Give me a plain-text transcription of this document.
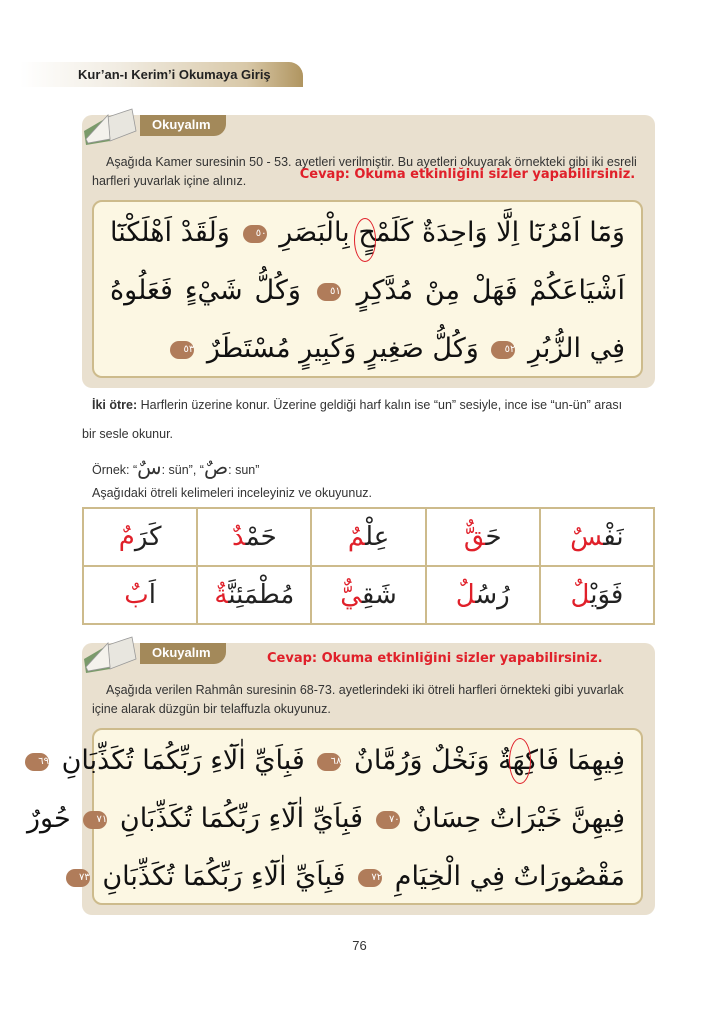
Kur’an-ı Kerim’i Okumaya Giriş
Okuyalım
Aşağıda Kamer suresinin 50 - 53. ayetleri verilmiştir. Bu ayetleri okuyarak örnekteki gibi iki esreli
harfleri yuvarlak içine alınız.	Cevap: Okuma etkinliğini sizler yapabilirsiniz.
وَمَٓا اَمْرُنَٓا اِلَّا وَاحِدَةٌ كَلَمْحٍ بِالْبَصَرِ ٥٠ وَلَقَدْ اَهْلَكْنَٓا
اَشْيَاعَكُمْ فَهَلْ مِنْ مُدَّكِرٍ ٥١ وَكُلُّ شَيْءٍ فَعَلُوهُ
فِي الزُّبُرِ ٥٢ وَكُلُّ صَغِيرٍ وَكَبِيرٍ مُسْتَطَرٌ ٥٣
İki ötre: Harflerin üzerine konur. Üzerine geldiği harf kalın ise “un” sesiyle, ince ise “un-ün” arası
bir sesle okunur.
Örnek: “سٌ: sün”, “صٌ: sun”
Aşağıdaki ötreli kelimeleri inceleyiniz ve okuyunuz.
نَفْسٌ	حَقٌّ	عِلْمٌ	حَمْدٌ	كَرَمٌ
فَوَيْلٌ	رُسُلٌ	شَقِيٌّ	مُطْمَئِنَّةٌ	اَبٌ
Okuyalım	Cevap: Okuma etkinliğini sizler yapabilirsiniz.
Aşağıda verilen Rahmân suresinin 68-73. ayetlerindeki iki ötreli harfleri örnekteki gibi yuvarlak
içine alarak düzgün bir telaffuzla okuyunuz.
فِيهِمَا فَاكِهَةٌ وَنَخْلٌ وَرُمَّانٌ ٦٨ فَبِاَيِّ اٰلَٓاءِ رَبِّكُمَا تُكَذِّبَانِ ٦٩
فِيهِنَّ خَيْرَاتٌ حِسَانٌ ٧٠ فَبِاَيِّ اٰلَٓاءِ رَبِّكُمَا تُكَذِّبَانِ ٧١ حُورٌ
مَقْصُورَاتٌ فِي الْخِيَامِ ٧٢ فَبِاَيِّ اٰلَٓاءِ رَبِّكُمَا تُكَذِّبَانِ ٧٣
76
